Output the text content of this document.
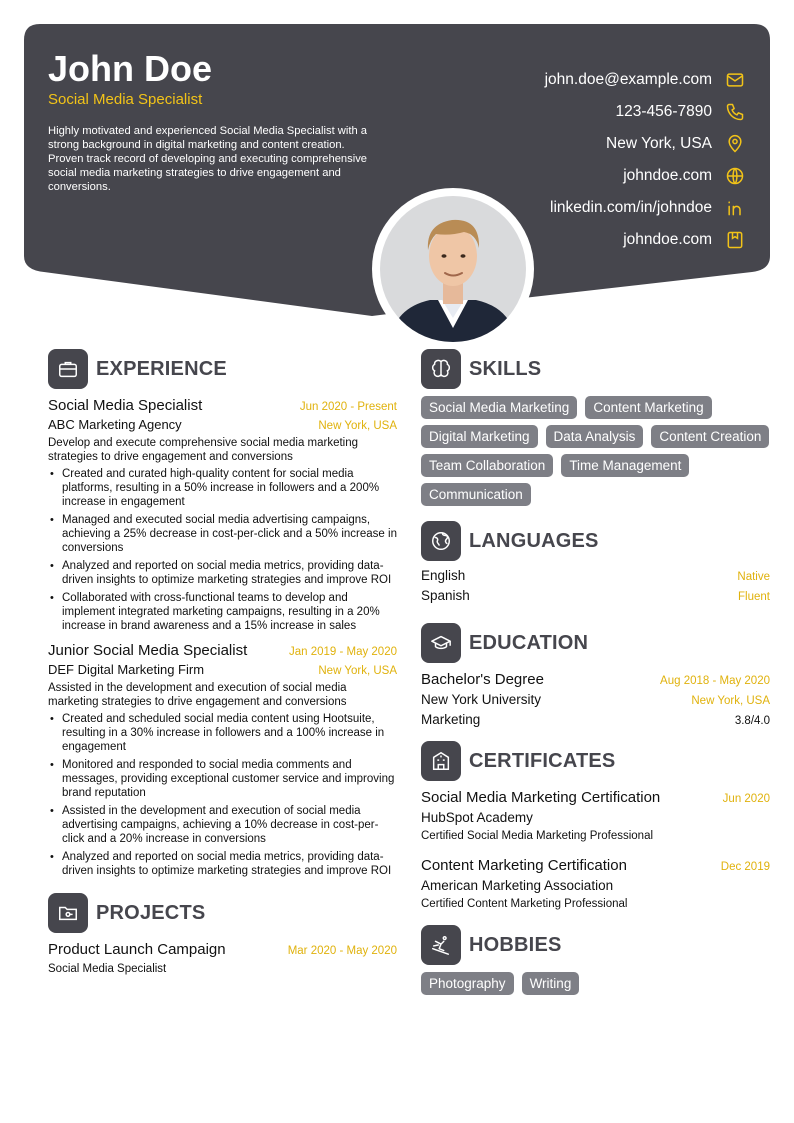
John Doe
Social Media Specialist
Highly motivated and experienced Social Media Specialist with a strong background in digital marketing and content creation. Proven track record of developing and executing comprehensive social media marketing strategies to drive engagement and conversions.
john.doe@example.com
123-456-7890
New York, USA
johndoe.com
linkedin.com/in/johndoe
johndoe.com
EXPERIENCE
Social Media Specialist	Jun 2020 - Present
ABC Marketing Agency	New York, USA
Develop and execute comprehensive social media marketing strategies to drive engagement and conversions
• Created and curated high-quality content for social media platforms, resulting in a 50% increase in followers and a 200% increase in engagement
• Managed and executed social media advertising campaigns, achieving a 25% decrease in cost-per-click and a 50% increase in conversions
• Analyzed and reported on social media metrics, providing data-driven insights to optimize marketing strategies and improve ROI
• Collaborated with cross-functional teams to develop and implement integrated marketing campaigns, resulting in a 20% increase in brand awareness and a 15% increase in sales
Junior Social Media Specialist	Jan 2019 - May 2020
DEF Digital Marketing Firm	New York, USA
Assisted in the development and execution of social media marketing strategies to drive engagement and conversions
• Created and scheduled social media content using Hootsuite, resulting in a 30% increase in followers and a 100% increase in engagement
• Monitored and responded to social media comments and messages, providing exceptional customer service and improving brand reputation
• Assisted in the development and execution of social media advertising campaigns, achieving a 10% decrease in cost-per-click and a 20% increase in conversions
• Analyzed and reported on social media metrics, providing data-driven insights to optimize marketing strategies and improve ROI
PROJECTS
Product Launch Campaign	Mar 2020 - May 2020
Social Media Specialist
SKILLS
Social Media Marketing	Content Marketing
Digital Marketing	Data Analysis	Content Creation
Team Collaboration	Time Management
Communication
LANGUAGES
English	Native
Spanish	Fluent
EDUCATION
Bachelor's Degree	Aug 2018 - May 2020
New York University	New York, USA
Marketing	3.8/4.0
CERTIFICATES
Social Media Marketing Certification	Jun 2020
HubSpot Academy
Certified Social Media Marketing Professional
Content Marketing Certification	Dec 2019
American Marketing Association
Certified Content Marketing Professional
HOBBIES
Photography	Writing
